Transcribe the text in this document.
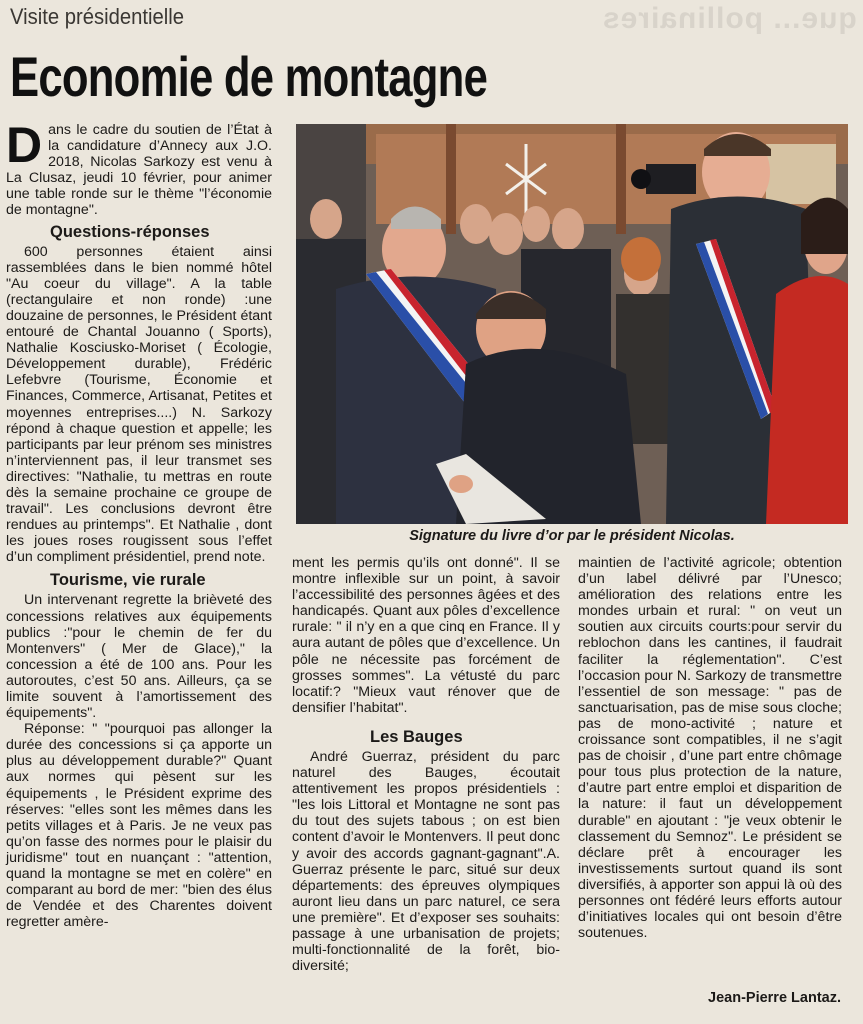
que... pollinaires
Visite présidentielle
Economie de montagne

Dans le cadre du soutien de l’État à la candidature d’Annecy aux J.O. 2018, Nicolas Sarkozy est venu à La Clusaz, jeudi 10 février, pour animer une table ronde sur le thème "l’économie de montagne".

Questions-réponses

600 personnes étaient ainsi rassemblées dans le bien nommé hôtel "Au coeur du village". A la table (rectangulaire et non ronde) :une douzaine de personnes, le Président étant entouré de Chantal Jouanno ( Sports), Nathalie Kosciusko-Moriset ( Écologie, Développement durable), Frédéric Lefebvre (Tourisme, Économie et Finances, Commerce, Artisanat, Petites et moyennes entreprises....) N. Sarkozy répond à chaque question et appelle; les participants par leur prénom ses ministres n’interviennent pas, il leur transmet ses directives: "Nathalie, tu mettras en route dès la semaine prochaine ce groupe de travail". Les conclusions devront être rendues au printemps". Et Nathalie , dont les joues roses rougissent sous l’effet d’un compliment présidentiel, prend note.

Tourisme, vie rurale

Un intervenant regrette la brièveté des concessions relatives aux équipements publics :"pour le chemin de fer du Montenvers" ( Mer de Glace)," la concession a été de 100 ans. Pour les autoroutes, c’est 50 ans. Ailleurs, ça se limite souvent à l’amortissement des équipements".

Réponse: " "pourquoi pas allonger la durée des concessions si ça apporte un plus au développement durable?" Quant aux normes qui pèsent sur les équipements , le Président exprime des réserves: "elles sont les mêmes dans les petits villages et à Paris. Je ne veux pas qu’on fasse des normes pour le plaisir du juridisme" tout en nuançant : "attention, quand la montagne se met en colère" en comparant au bord de mer: "bien des élus de Vendée et des Charentes doivent regretter amère-

Signature du livre d’or par le président Nicolas.

ment les permis qu’ils ont donné". Il se montre inflexible sur un point, à savoir l’accessibilité des personnes âgées et des handicapés. Quant aux pôles d’excellence rurale: " il n’y en a que cinq en France. Il y aura autant de pôles que d’excellence. Un pôle ne nécessite pas forcément de grosses sommes". La vétusté du parc locatif:? "Mieux vaut rénover que de densifier l’habitat".

Les Bauges

André Guerraz, président du parc naturel des Bauges, écoutait attentivement les propos présidentiels : "les lois Littoral et Montagne ne sont pas du tout des sujets tabous ; on est bien content d’avoir le Montenvers. Il peut donc y avoir des accords gagnant-gagnant".A. Guerraz présente le parc, situé sur deux départements: des épreuves olympiques auront lieu dans un parc naturel, ce sera une première". Et d’exposer ses souhaits: passage à une urbanisation de projets; multi-fonctionnalité de la forêt, bio-diversité;

maintien de l’activité agricole; obtention d’un label délivré par l’Unesco; amélioration des relations entre les mondes urbain et rural: " on veut un soutien aux circuits courts:pour servir du reblochon dans les cantines, il faudrait faciliter la réglementation". C’est l’occasion pour N. Sarkozy de transmettre l’essentiel de son message: " pas de sanctuarisation, pas de mise sous cloche; pas de mono-activité ; nature et croissance sont compatibles, il ne s’agit pas de choisir , d’une part entre chômage pour tous plus protection de la nature, d’autre part entre emploi et disparition de la nature: il faut un développement durable" en ajoutant : "je veux obtenir le classement du Semnoz". Le président se déclare prêt à encourager les investissements surtout quand ils sont diversifiés, à apporter son appui là où des personnes ont fédéré leurs efforts autour d’initiatives locales qui ont besoin d’être soutenues.

Jean-Pierre Lantaz.
